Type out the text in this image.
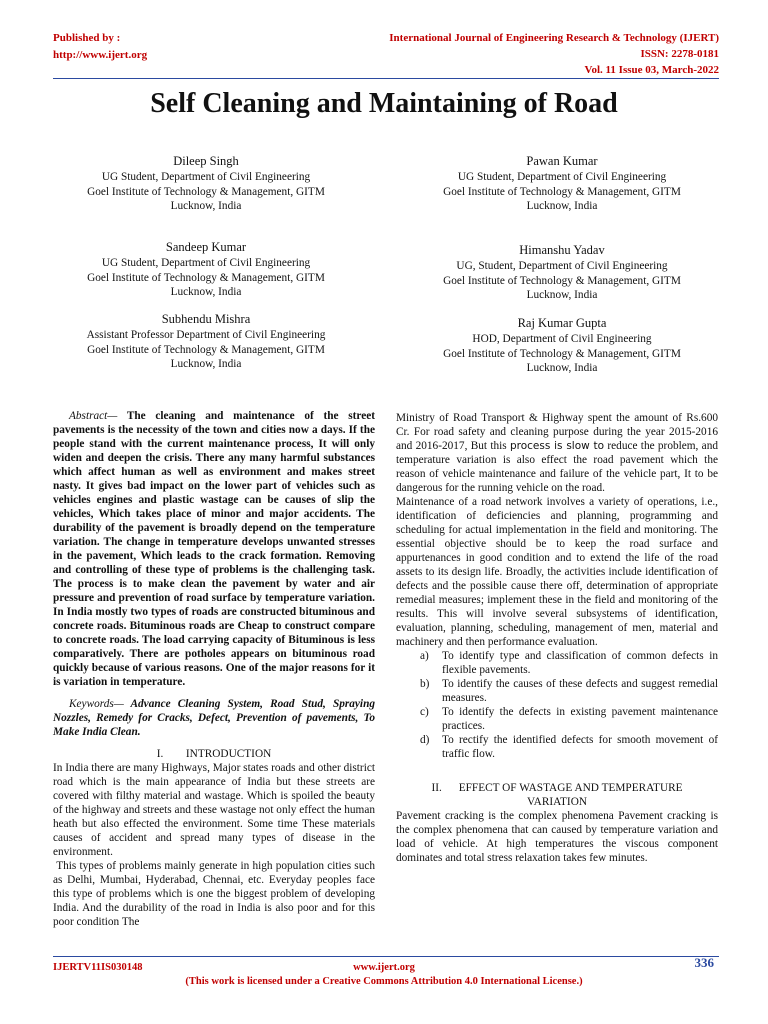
Published by :
http://www.ijert.org
International Journal of Engineering Research & Technology (IJERT)
ISSN: 2278-0181
Vol. 11 Issue 03, March-2022
Self Cleaning and Maintaining of Road
Dileep Singh
UG Student, Department of Civil Engineering
Goel Institute of Technology & Management, GITM
Lucknow, India
Pawan Kumar
UG Student, Department of Civil Engineering
Goel Institute of Technology & Management, GITM
Lucknow, India
Sandeep Kumar
UG Student, Department of Civil Engineering
Goel Institute of Technology & Management, GITM
Lucknow, India
Himanshu Yadav
UG, Student, Department of Civil Engineering
Goel Institute of Technology & Management, GITM
Lucknow, India
Subhendu Mishra
Assistant Professor Department of Civil Engineering
Goel Institute of Technology & Management, GITM
Lucknow, India
Raj Kumar Gupta
HOD, Department of Civil Engineering
Goel Institute of Technology & Management, GITM
Lucknow, India

Abstract— The cleaning and maintenance of the street pavements is the necessity of the town and cities now a days. If the people stand with the current maintenance process, It will only widen and deepen the crisis. There any many harmful substances which affect human as well as environment and makes street nasty. It gives bad impact on the lower part of vehicles such as vehicles engines and plastic wastage can be causes of slip the vehicles, Which takes place of minor and major accidents. The durability of the pavement is broadly depend on the temperature variation. The change in temperature develops unwanted stresses in the pavement, Which leads to the crack formation. Removing and controlling of these type of problems is the challenging task. The process is to make clean the pavement by water and air pressure and prevention of road surface by temperature variation. In India mostly two types of roads are constructed bituminous and concrete roads. Bituminous roads are Cheap to construct compare to concrete roads. The load carrying capacity of Bituminous is less comparatively. There are potholes appears on bituminous road quickly because of various reasons. One of the major reasons for it is variation in temperature.

Keywords— Advance Cleaning System, Road Stud, Spraying Nozzles, Remedy for Cracks, Defect, Prevention of pavements, To Make India Clean.

I.        INTRODUCTION

In India there are many Highways, Major states roads and other district road which is the main appearance of India but these streets are covered with filthy material and wastage. Which is spoiled the beauty of the highway and streets and these wastage not only effect the human heath but also effected the environment. Some time These materials causes of accident and spread many types of disease in the environment.

This types of problems mainly generate in high population cities such as Delhi, Mumbai, Hyderabad, Chennai, etc. Everyday peoples face this type of problems which is one the biggest problem of developing India. And the durability of the road in India is also poor and for this poor condition The

Ministry of Road Transport & Highway spent the amount of Rs.600 Cr. For road safety and cleaning purpose during the year 2015-2016 and 2016-2017, But this process is slow to reduce the problem, and temperature variation is also effect the road pavement which the reason of vehicle maintenance and failure of the vehicle part, It to be dangerous for the running vehicle on the road.

Maintenance of a road network involves a variety of operations, i.e., identification of deficiencies and planning, programming and scheduling for actual implementation in the field and monitoring. The essential objective should be to keep the road surface and appurtenances in good condition and to extend the life of the road assets to its design life. Broadly, the activities include identification of defects and the possible cause there off, determination of appropriate remedial measures; implement these in the field and monitoring of the results. This will involve several subsystems of identification, evaluation, planning, scheduling, management of men, material and machinery and then performance evaluation.

a) To identify type and classification of common defects in flexible pavements.
b) To identify the causes of these defects and suggest remedial measures.
c) To identify the defects in existing pavement maintenance practices.
d) To rectify the identified defects for smooth movement of traffic flow.

II.      EFFECT OF WASTAGE AND TEMPERATURE VARIATION

Pavement cracking is the complex phenomena Pavement cracking is the complex phenomena that can caused by temperature variation and load of vehicle. At high temperatures the viscous component dominates and total stress relaxation takes few minutes.

IJERTV11IS030148	www.ijert.org	336
(This work is licensed under a Creative Commons Attribution 4.0 International License.)
